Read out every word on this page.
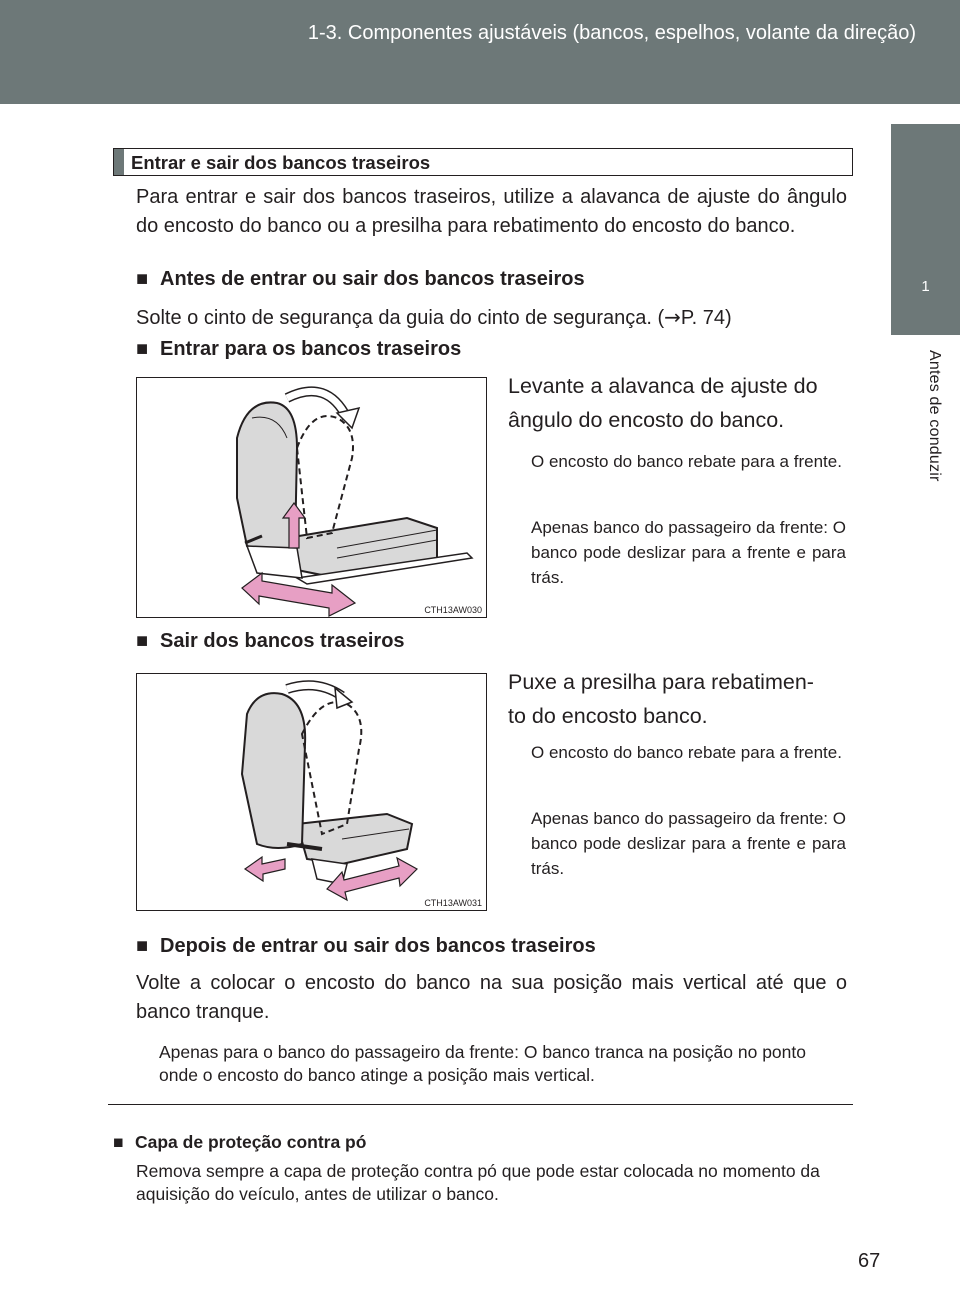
1-3. Componentes ajustáveis (bancos, espelhos, volante da direção)
1
Antes de conduzir
Entrar e sair dos bancos traseiros
Para entrar e sair dos bancos traseiros, utilize a alavanca de ajuste do ângulo do encosto do banco ou a presilha para rebatimento do encosto do banco.
■ Antes de entrar ou sair dos bancos traseiros
Solte o cinto de segurança da guia do cinto de segurança. (→P. 74)
■ Entrar para os bancos traseiros
CTH13AW030
Levante a alavanca de ajuste do
ângulo do encosto do banco.
O encosto do banco rebate para a frente.
Apenas banco do passageiro da frente: O banco pode deslizar para a frente e para trás.
■ Sair dos bancos traseiros
CTH13AW031
Puxe a presilha para rebatimen-
to do encosto banco.
O encosto do banco rebate para a frente.
Apenas banco do passageiro da frente: O banco pode deslizar para a frente e para trás.
■ Depois de entrar ou sair dos bancos traseiros
Volte a colocar o encosto do banco na sua posição mais vertical até que o banco tranque.
Apenas para o banco do passageiro da frente: O banco tranca na posição no ponto onde o encosto do banco atinge a posição mais vertical.
■ Capa de proteção contra pó
Remova sempre a capa de proteção contra pó que pode estar colocada no momento da aquisição do veículo, antes de utilizar o banco.
67
